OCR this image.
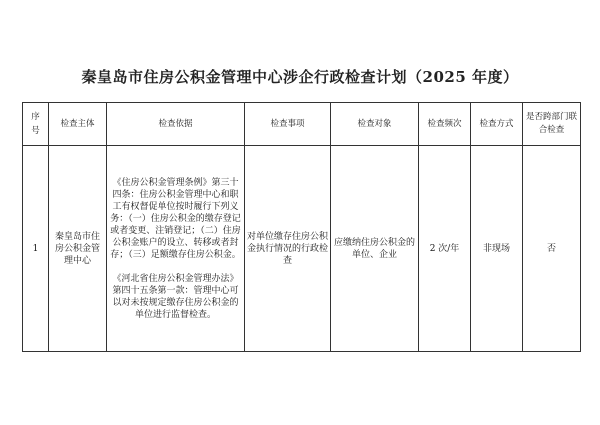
秦皇岛市住房公积金管理中心涉企行政检查计划（2025 年度）
序号	检查主体	检查依据	检查事项	检查对象	检查频次	检查方式	是否跨部门联合检查
1	秦皇岛市住房公积金管理中心	《住房公积金管理条例》第三十四条：住房公积金管理中心和职工有权督促单位按时履行下列义务：（一）住房公积金的缴存登记或者变更、注销登记；（二）住房公积金账户的设立、转移或者封存；（三）足额缴存住房公积金。

《河北省住房公积金管理办法》第四十五条第一款：管理中心可以对未按规定缴存住房公积金的单位进行监督检查。	对单位缴存住房公积金执行情况的行政检查	应缴纳住房公积金的单位、企业	2 次/年	非现场	否
